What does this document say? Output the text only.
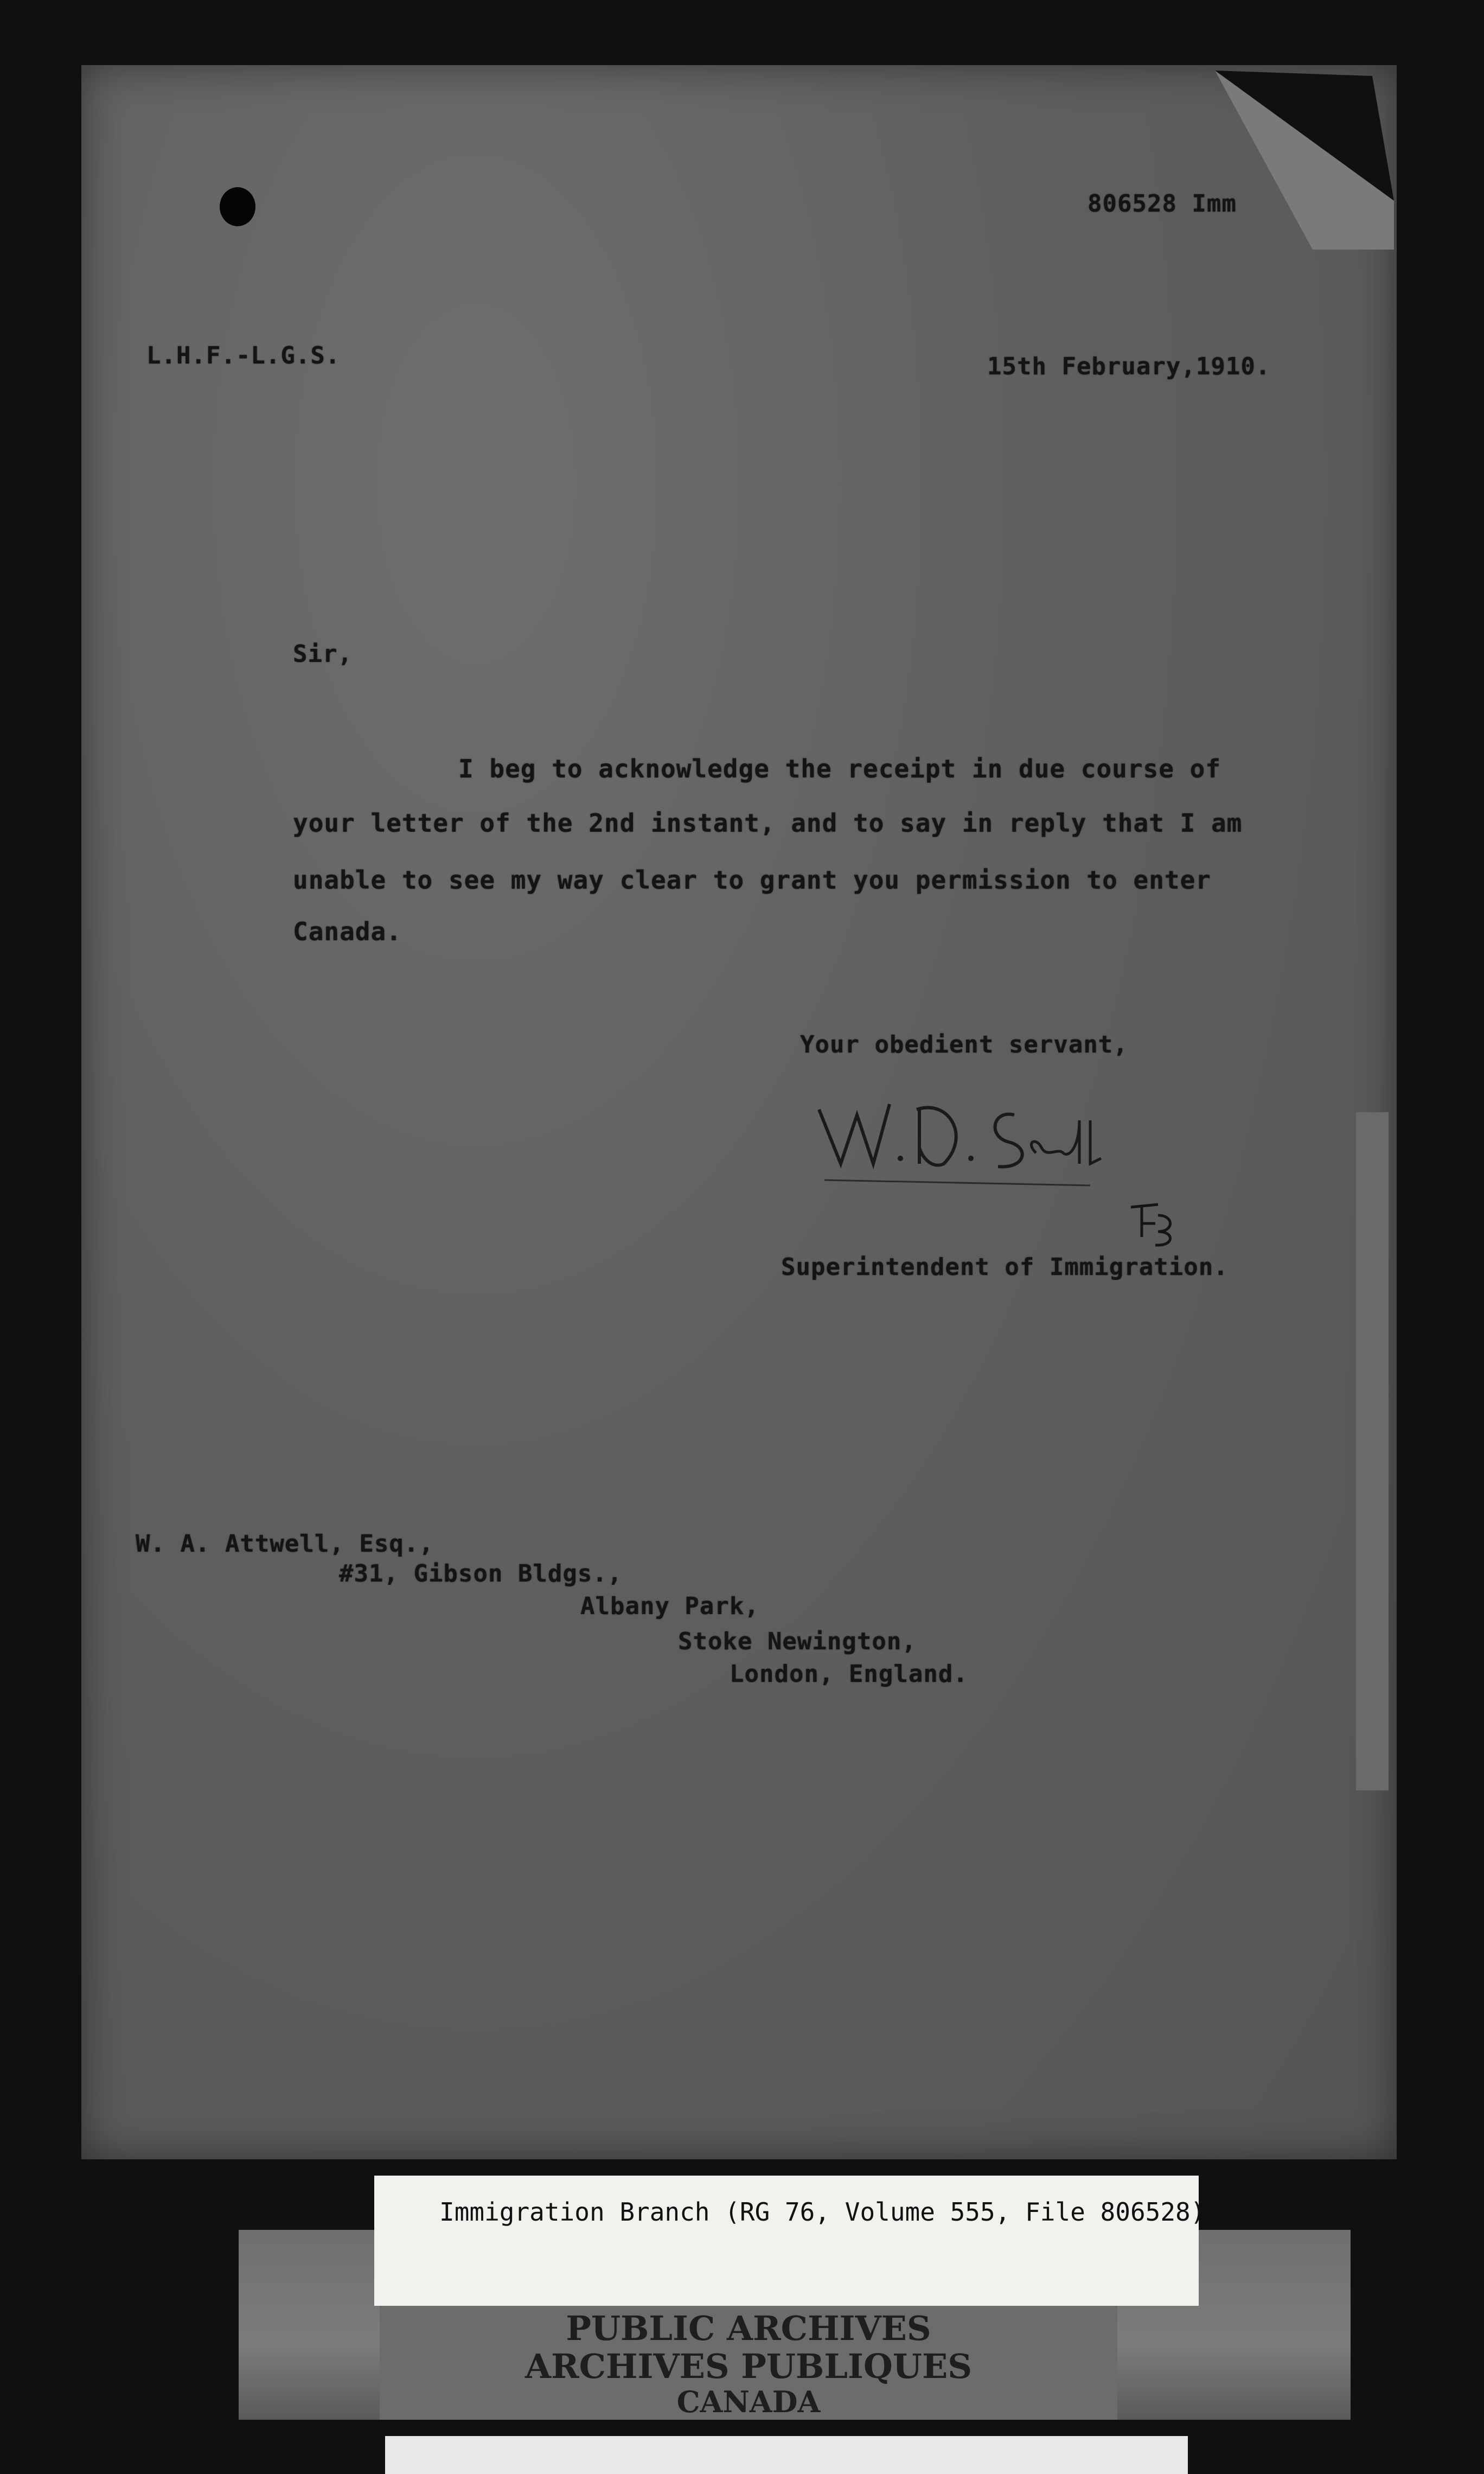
806528 Imm
L.H.F.-L.G.S.	15th February,1910.
Sir,
I beg to acknowledge the receipt in due course of
your letter of the 2nd instant, and to say in reply that I am
unable to see my way clear to grant you permission to enter
Canada.
Your obedient servant,
Superintendent of Immigration.
W. A. Attwell, Esq.,
#31, Gibson Bldgs.,
Albany Park,
Stoke Newington,
London, England.
PUBLIC ARCHIVES
ARCHIVES PUBLIQUES
CANADA
Immigration Branch (RG 76, Volume 555, File 806528)
